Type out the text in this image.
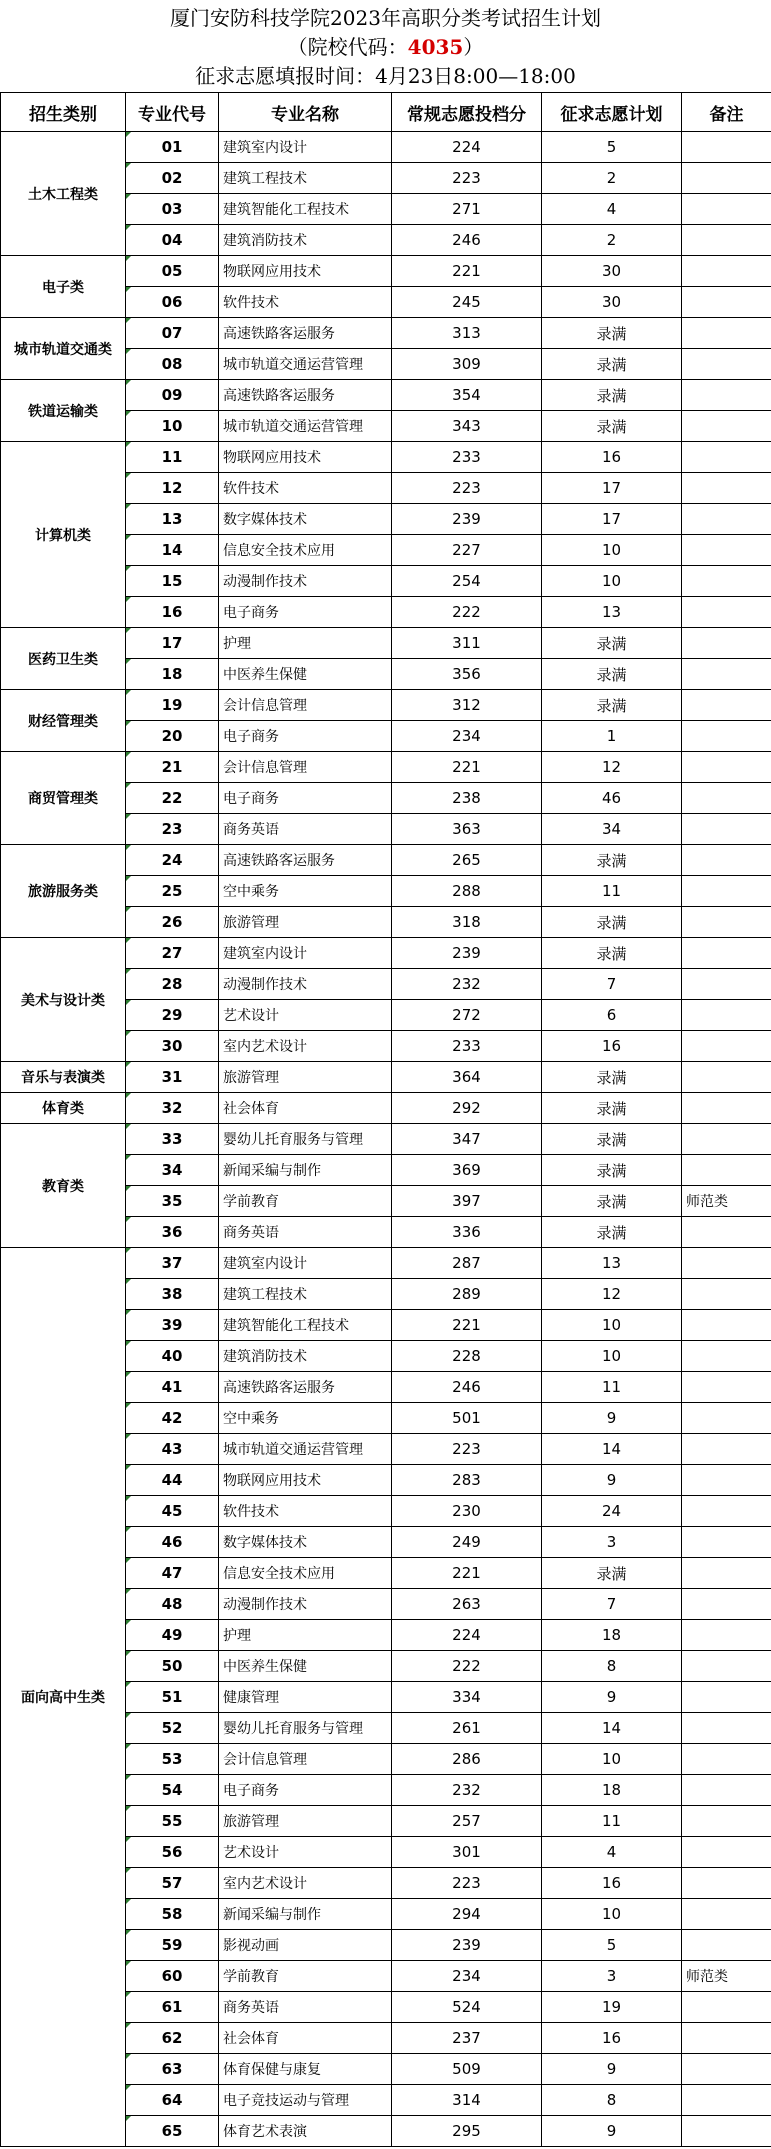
厦门安防科技学院2023年高职分类考试招生计划
（院校代码：4035）
征求志愿填报时间：4月23日8:00—18:00
招生类别	专业代号	专业名称	常规志愿投档分	征求志愿计划	备注
土木工程类	01	建筑室内设计	224	5	
	02	建筑工程技术	223	2	
	03	建筑智能化工程技术	271	4	
	04	建筑消防技术	246	2	
电子类	05	物联网应用技术	221	30	
	06	软件技术	245	30	
城市轨道交通类	07	高速铁路客运服务	313	录满	
	08	城市轨道交通运营管理	309	录满	
铁道运输类	09	高速铁路客运服务	354	录满	
	10	城市轨道交通运营管理	343	录满	
计算机类	11	物联网应用技术	233	16	
	12	软件技术	223	17	
	13	数字媒体技术	239	17	
	14	信息安全技术应用	227	10	
	15	动漫制作技术	254	10	
	16	电子商务	222	13	
医药卫生类	17	护理	311	录满	
	18	中医养生保健	356	录满	
财经管理类	19	会计信息管理	312	录满	
	20	电子商务	234	1	
商贸管理类	21	会计信息管理	221	12	
	22	电子商务	238	46	
	23	商务英语	363	34	
旅游服务类	24	高速铁路客运服务	265	录满	
	25	空中乘务	288	11	
	26	旅游管理	318	录满	
美术与设计类	27	建筑室内设计	239	录满	
	28	动漫制作技术	232	7	
	29	艺术设计	272	6	
	30	室内艺术设计	233	16	
音乐与表演类	31	旅游管理	364	录满	
体育类	32	社会体育	292	录满	
教育类	33	婴幼儿托育服务与管理	347	录满	
	34	新闻采编与制作	369	录满	
	35	学前教育	397	录满	师范类
	36	商务英语	336	录满	
面向高中生类	37	建筑室内设计	287	13	
	38	建筑工程技术	289	12	
	39	建筑智能化工程技术	221	10	
	40	建筑消防技术	228	10	
	41	高速铁路客运服务	246	11	
	42	空中乘务	501	9	
	43	城市轨道交通运营管理	223	14	
	44	物联网应用技术	283	9	
	45	软件技术	230	24	
	46	数字媒体技术	249	3	
	47	信息安全技术应用	221	录满	
	48	动漫制作技术	263	7	
	49	护理	224	18	
	50	中医养生保健	222	8	
	51	健康管理	334	9	
	52	婴幼儿托育服务与管理	261	14	
	53	会计信息管理	286	10	
	54	电子商务	232	18	
	55	旅游管理	257	11	
	56	艺术设计	301	4	
	57	室内艺术设计	223	16	
	58	新闻采编与制作	294	10	
	59	影视动画	239	5	
	60	学前教育	234	3	师范类
	61	商务英语	524	19	
	62	社会体育	237	16	
	63	体育保健与康复	509	9	
	64	电子竞技运动与管理	314	8	
	65	体育艺术表演	295	9	
